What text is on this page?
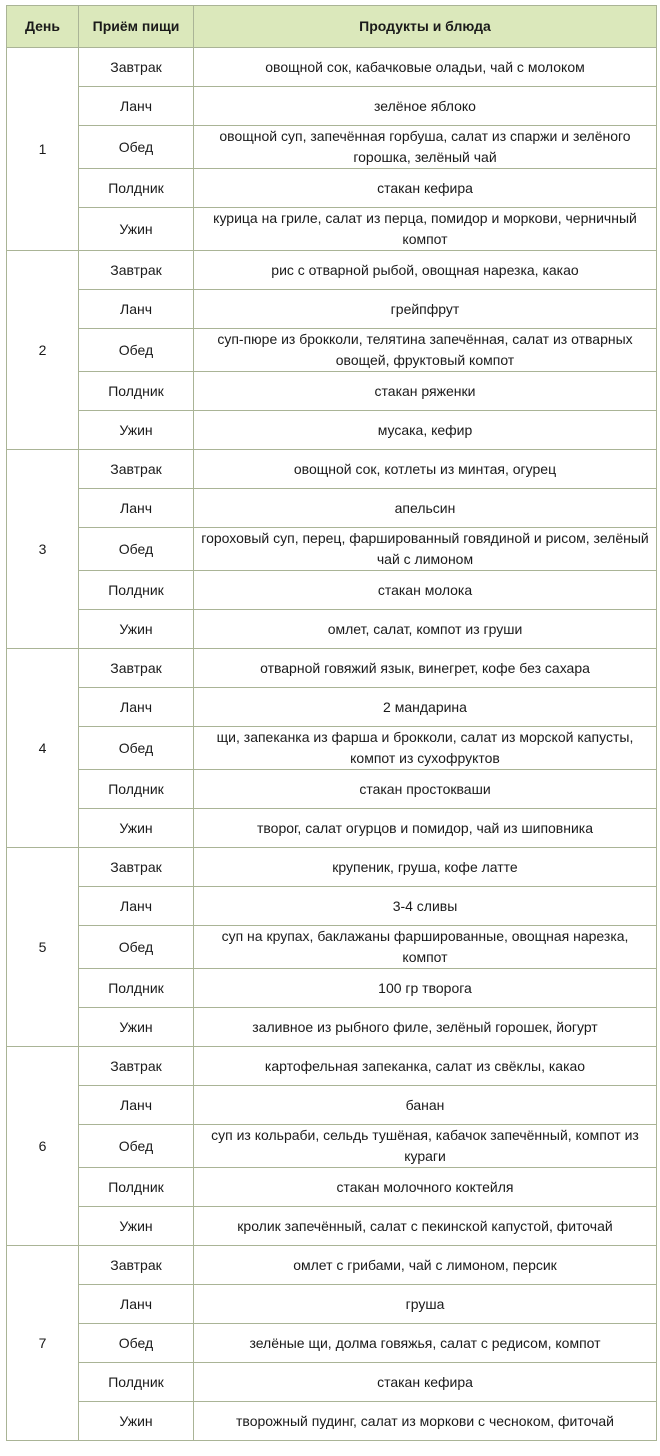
День	Приём пищи	Продукты и блюда
1	Завтрак	овощной сок, кабачковые оладьи, чай с молоком
	Ланч	зелёное яблоко
	Обед	овощной суп, запечённая горбуша, салат из спаржи и зелёного горошка, зелёный чай
	Полдник	стакан кефира
	Ужин	курица на гриле, салат из перца, помидор и моркови, черничный компот
2	Завтрак	рис с отварной рыбой, овощная нарезка, какао
	Ланч	грейпфрут
	Обед	суп-пюре из брокколи, телятина запечённая, салат из отварных овощей, фруктовый компот
	Полдник	стакан ряженки
	Ужин	мусака, кефир
3	Завтрак	овощной сок, котлеты из минтая, огурец
	Ланч	апельсин
	Обед	гороховый суп, перец, фаршированный говядиной и рисом, зелёный чай с лимоном
	Полдник	стакан молока
	Ужин	омлет, салат, компот из груши
4	Завтрак	отварной говяжий язык, винегрет, кофе без сахара
	Ланч	2 мандарина
	Обед	щи, запеканка из фарша и брокколи, салат из морской капусты, компот из сухофруктов
	Полдник	стакан простокваши
	Ужин	творог, салат огурцов и помидор, чай из шиповника
5	Завтрак	крупеник, груша, кофе латте
	Ланч	3-4 сливы
	Обед	суп на крупах, баклажаны фаршированные, овощная нарезка, компот
	Полдник	100 гр творога
	Ужин	заливное из рыбного филе, зелёный горошек, йогурт
6	Завтрак	картофельная запеканка, салат из свёклы, какао
	Ланч	банан
	Обед	суп из кольраби, сельдь тушёная, кабачок запечённый, компот из кураги
	Полдник	стакан молочного коктейля
	Ужин	кролик запечённый, салат с пекинской капустой, фиточай
7	Завтрак	омлет с грибами, чай с лимоном, персик
	Ланч	груша
	Обед	зелёные щи, долма говяжья, салат с редисом, компот
	Полдник	стакан кефира
	Ужин	творожный пудинг, салат из моркови с чесноком, фиточай
